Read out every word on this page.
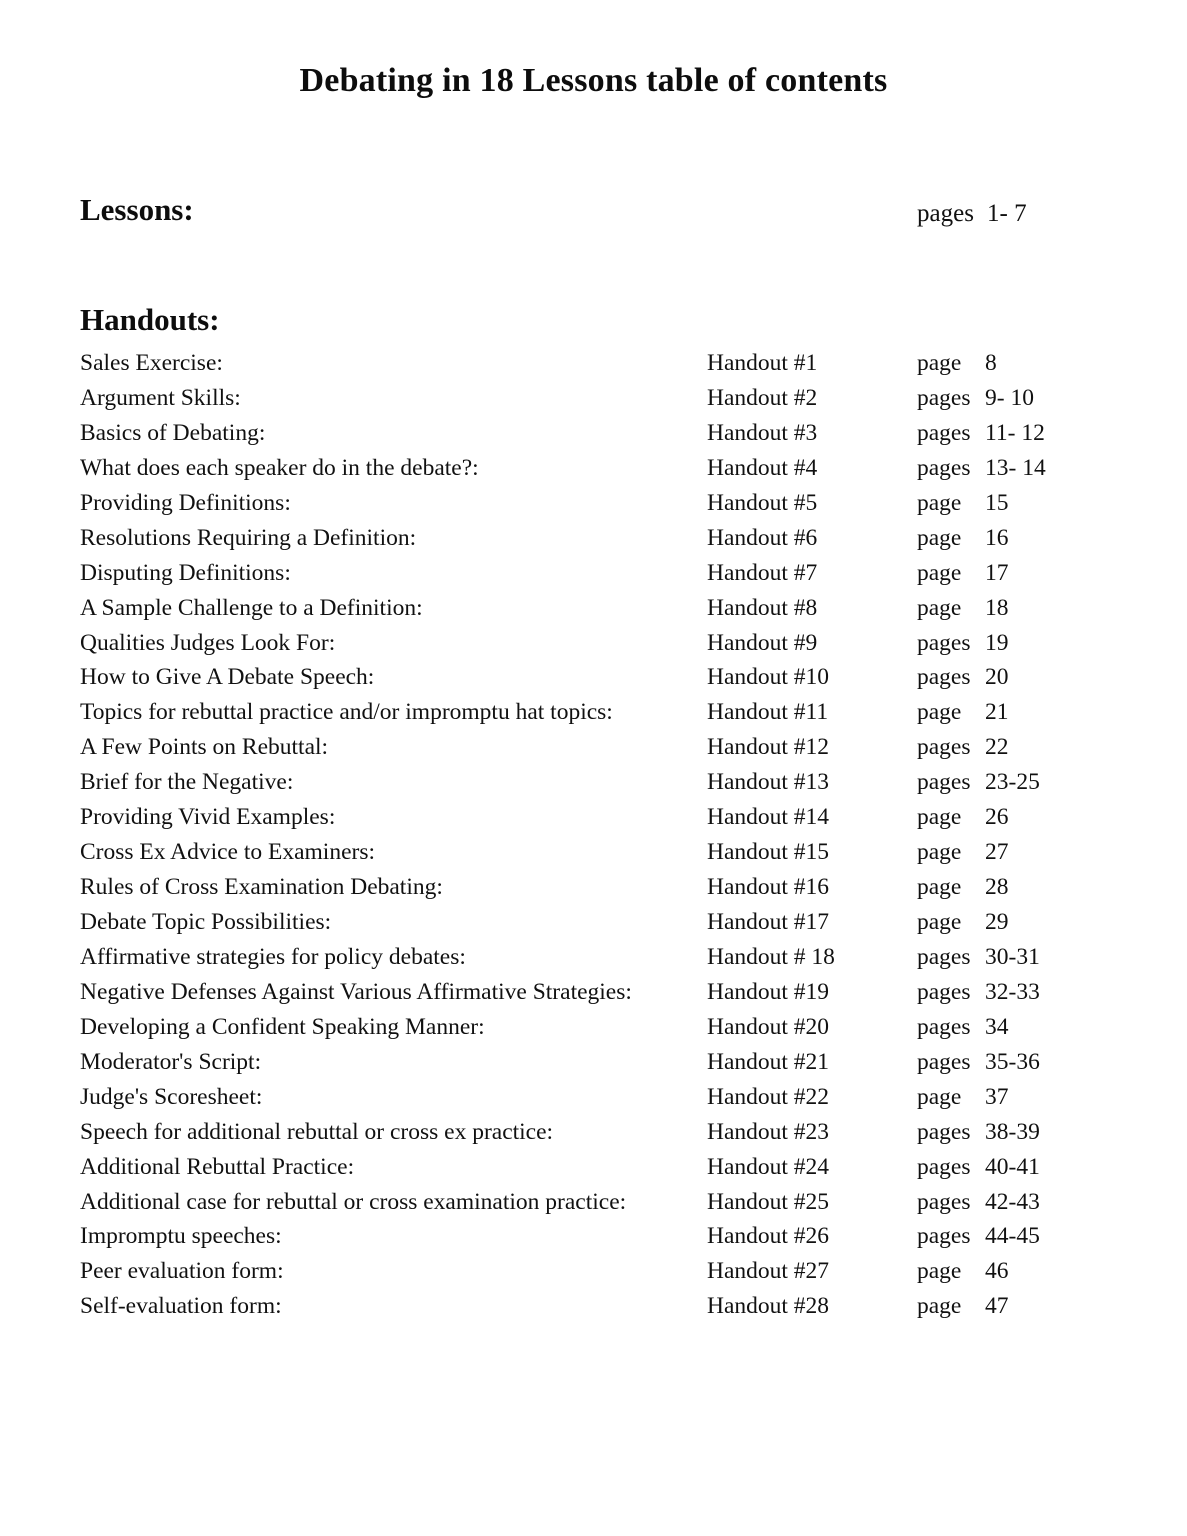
Debating in 18 Lessons table of contents
Lessons:	pages 1- 7
Handouts:
Sales Exercise:	Handout #1	page 8
Argument Skills:	Handout #2	pages 9- 10
Basics of Debating:	Handout #3	pages 11- 12
What does each speaker do in the debate?:	Handout #4	pages 13- 14
Providing Definitions:	Handout #5	page 15
Resolutions Requiring a Definition:	Handout #6	page 16
Disputing Definitions:	Handout #7	page 17
A Sample Challenge to a Definition:	Handout #8	page 18
Qualities Judges Look For:	Handout #9	pages 19
How to Give A Debate Speech:	Handout #10	pages 20
Topics for rebuttal practice and/or impromptu hat topics:	Handout #11	page 21
A Few Points on Rebuttal:	Handout #12	pages 22
Brief for the Negative:	Handout #13	pages 23-25
Providing Vivid Examples:	Handout #14	page 26
Cross Ex Advice to Examiners:	Handout #15	page 27
Rules of Cross Examination Debating:	Handout #16	page 28
Debate Topic Possibilities:	Handout #17	page 29
Affirmative strategies for policy debates:	Handout # 18	pages 30-31
Negative Defenses Against Various Affirmative Strategies:	Handout #19	pages 32-33
Developing a Confident Speaking Manner:	Handout #20	pages 34
Moderator's Script:	Handout #21	pages 35-36
Judge's Scoresheet:	Handout #22	page 37
Speech for additional rebuttal or cross ex practice:	Handout #23	pages 38-39
Additional Rebuttal Practice:	Handout #24	pages 40-41
Additional case for rebuttal or cross examination practice:	Handout #25	pages 42-43
Impromptu speeches:	Handout #26	pages 44-45
Peer evaluation form:	Handout #27	page 46
Self-evaluation form:	Handout #28	page 47
